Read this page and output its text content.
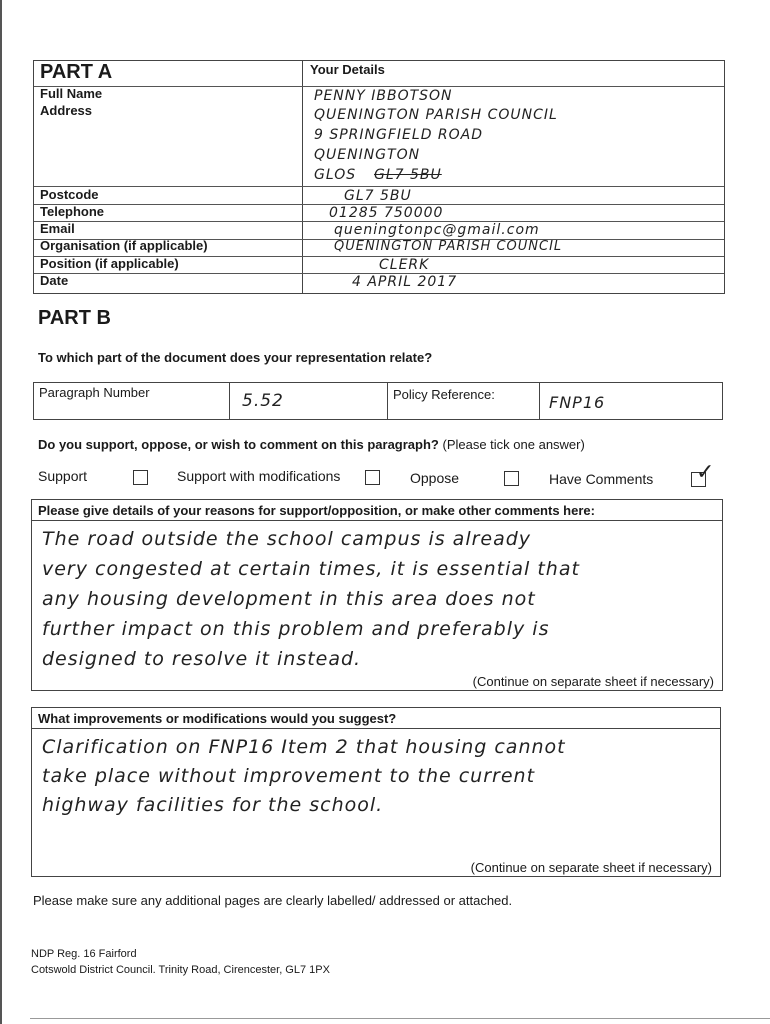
PART A	Your Details
Full Name	PENNY IBBOTSON
Address	QUENINGTON PARISH COUNCIL
9 SPRINGFIELD ROAD
QUENINGTON
GLOS GL7 5BU
Postcode	GL7 5BU
Telephone	01285 750000
Email	queningtonpc@gmail.com
Organisation (if applicable)	QUENINGTON PARISH COUNCIL
Position (if applicable)	CLERK
Date	4 APRIL 2017
PART B
To which part of the document does your representation relate?
Paragraph Number	5.52	Policy Reference:	FNP16
Do you support, oppose, or wish to comment on this paragraph? (Please tick one answer)
Support	Support with modifications	Oppose	Have Comments ✓
Please give details of your reasons for support/opposition, or make other comments here:
The road outside the school campus is already
very congested at certain times, it is essential that
any housing development in this area does not
further impact on this problem and preferably is
designed to resolve it instead.
(Continue on separate sheet if necessary)
What improvements or modifications would you suggest?
Clarification on FNP16 Item 2 that housing cannot
take place without improvement to the current
highway facilities for the school.
(Continue on separate sheet if necessary)
Please make sure any additional pages are clearly labelled/ addressed or attached.
NDP Reg. 16 Fairford
Cotswold District Council. Trinity Road, Cirencester, GL7 1PX
